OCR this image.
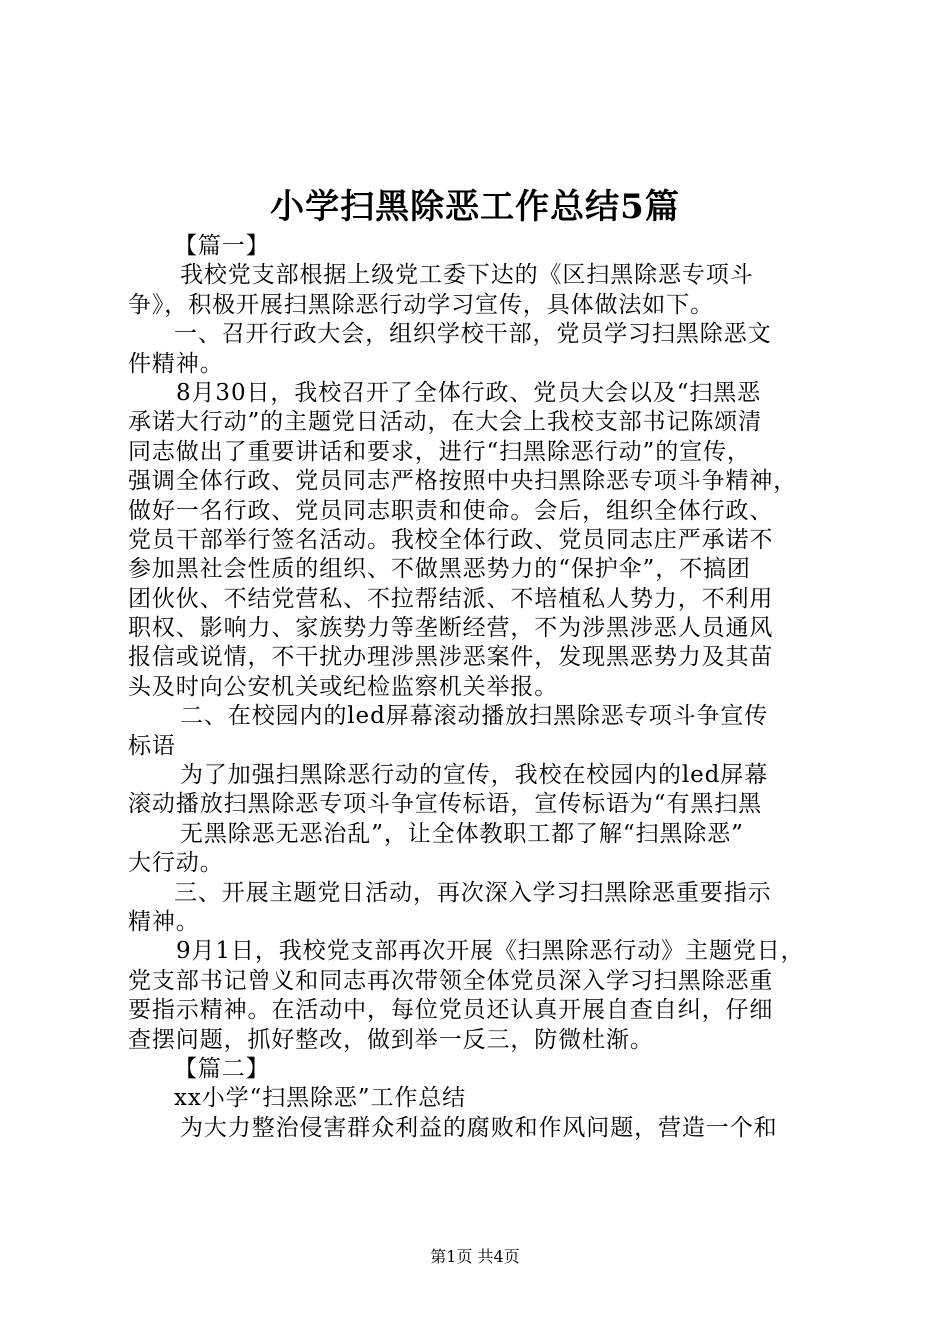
小学扫黑除恶工作总结5篇
【篇一】
我校党支部根据上级党工委下达的《区扫黑除恶专项斗
争》，积极开展扫黑除恶行动学习宣传，具体做法如下。
一、召开行政大会，组织学校干部，党员学习扫黑除恶文
件精神。
8月30日，我校召开了全体行政、党员大会以及“扫黑恶
承诺大行动”的主题党日活动，在大会上我校支部书记陈颂清
同志做出了重要讲话和要求，进行“扫黑除恶行动”的宣传，
强调全体行政、党员同志严格按照中央扫黑除恶专项斗争精神，
做好一名行政、党员同志职责和使命。会后，组织全体行政、
党员干部举行签名活动。我校全体行政、党员同志庄严承诺不
参加黑社会性质的组织、不做黑恶势力的“保护伞”，不搞团
团伙伙、不结党营私、不拉帮结派、不培植私人势力，不利用
职权、影响力、家族势力等垄断经营，不为涉黑涉恶人员通风
报信或说情，不干扰办理涉黑涉恶案件，发现黑恶势力及其苗
头及时向公安机关或纪检监察机关举报。
二、在校园内的led屏幕滚动播放扫黑除恶专项斗争宣传
标语
为了加强扫黑除恶行动的宣传，我校在校园内的led屏幕
滚动播放扫黑除恶专项斗争宣传标语，宣传标语为“有黑扫黑
无黑除恶无恶治乱”，让全体教职工都了解“扫黑除恶”
大行动。
三、开展主题党日活动，再次深入学习扫黑除恶重要指示
精神。
9月1日，我校党支部再次开展《扫黑除恶行动》主题党日，
党支部书记曾义和同志再次带领全体党员深入学习扫黑除恶重
要指示精神。在活动中，每位党员还认真开展自查自纠，仔细
查摆问题，抓好整改，做到举一反三，防微杜渐。
【篇二】
xx小学“扫黑除恶”工作总结
为大力整治侵害群众利益的腐败和作风问题，营造一个和
第1页 共4页
